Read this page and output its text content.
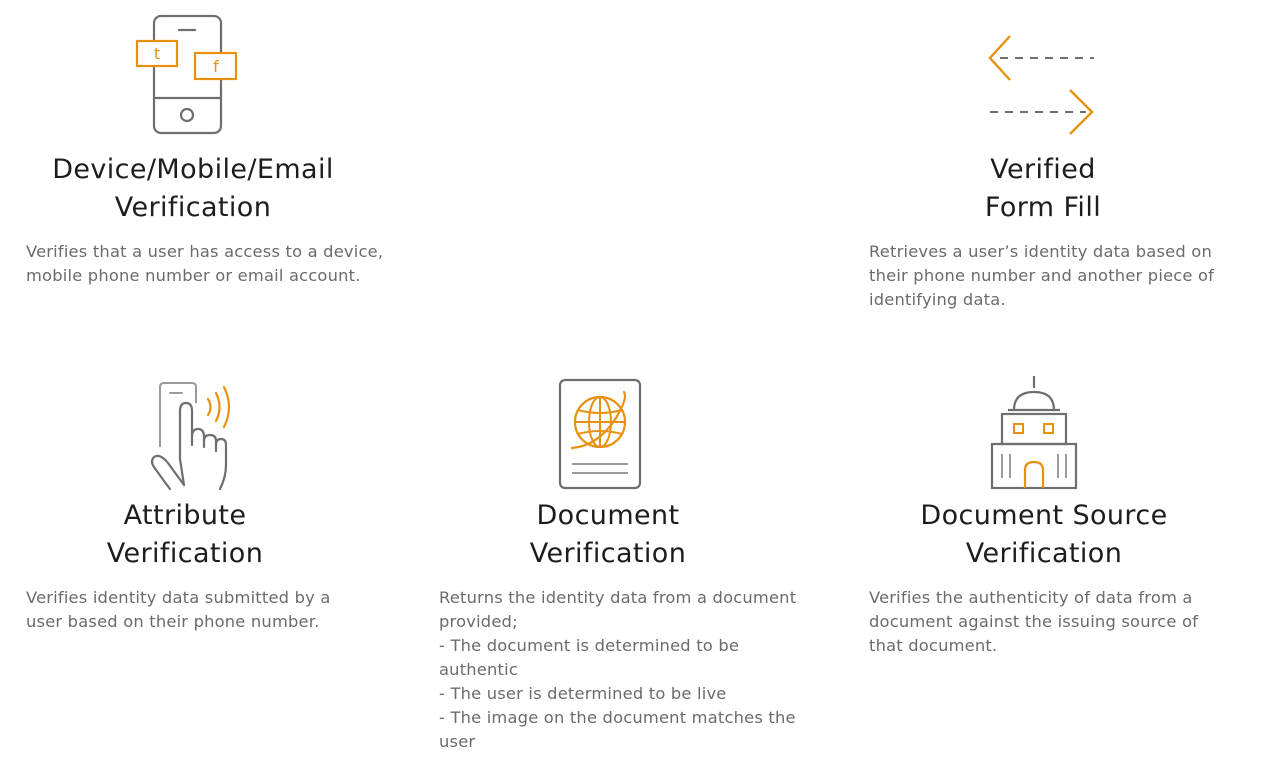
t
f
Device/Mobile/Email
Verification
Verifies that a user has access to a device,
mobile phone number or email account.
Verified
Form Fill
Retrieves a user’s identity data based on
their phone number and another piece of
identifying data.
Attribute
Verification
Verifies identity data submitted by a
user based on their phone number.
Document
Verification
Returns the identity data from a document
provided;
- The document is determined to be
authentic
- The user is determined to be live
- The image on the document matches the
user
Document Source
Verification
Verifies the authenticity of data from a
document against the issuing source of
that document.
